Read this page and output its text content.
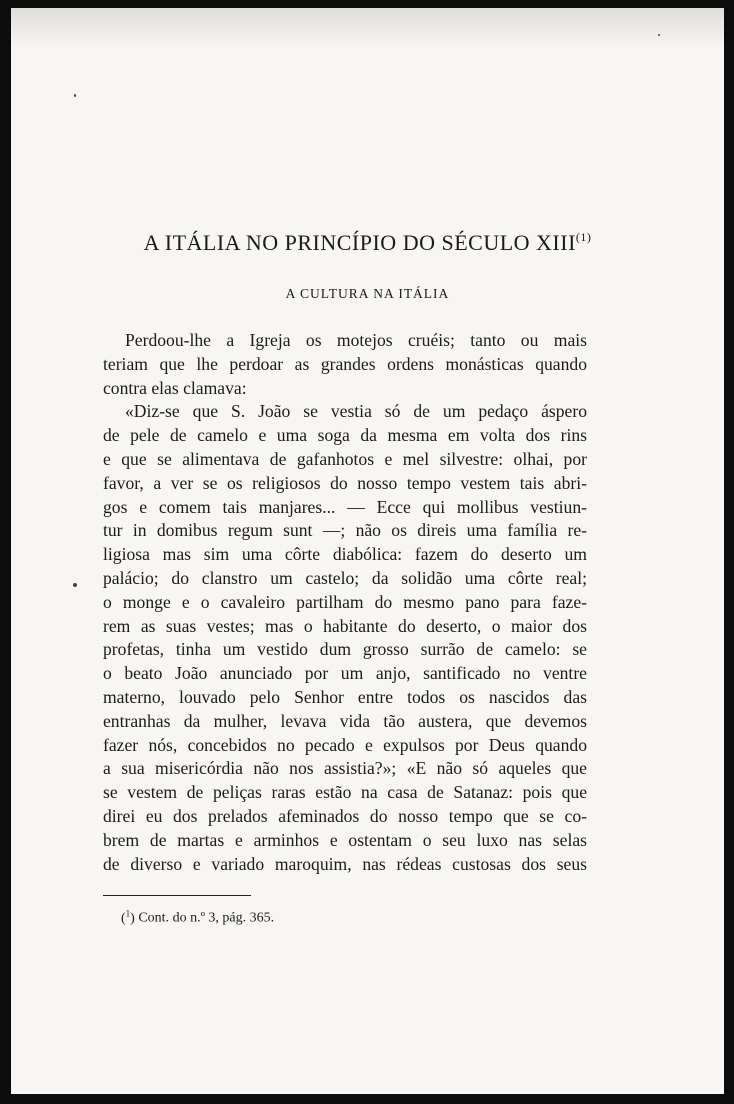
A ITÁLIA NO PRINCÍPIO DO SÉCULO XIII$^{(1)}$
A CULTURA NA ITÁLIA
Perdoou-lhe a Igreja os motejos cruéis; tanto ou mais
teriam que lhe perdoar as grandes ordens monásticas quando
contra elas clamava:
«Diz-se que S. João se vestia só de um pedaço áspero
de pele de camelo e uma soga da mesma em volta dos rins
e que se alimentava de gafanhotos e mel silvestre: olhai, por
favor, a ver se os religiosos do nosso tempo vestem tais abri-
gos e comem tais manjares... — Ecce qui mollibus vestiun-
tur in domibus regum sunt —; não os direis uma família re-
ligiosa mas sim uma côrte diabólica: fazem do deserto um
palácio; do clanstro um castelo; da solidão uma côrte real;
o monge e o cavaleiro partilham do mesmo pano para faze-
rem as suas vestes; mas o habitante do deserto, o maior dos
profetas, tinha um vestido dum grosso surrão de camelo: se
o beato João anunciado por um anjo, santificado no ventre
materno, louvado pelo Senhor entre todos os nascidos das
entranhas da mulher, levava vida tão austera, que devemos
fazer nós, concebidos no pecado e expulsos por Deus quando
a sua misericórdia não nos assistia?»; «E não só aqueles que
se vestem de peliças raras estão na casa de Satanaz: pois que
direi eu dos prelados afeminados do nosso tempo que se co-
brem de martas e arminhos e ostentam o seu luxo nas selas
de diverso e variado maroquim, nas rédeas custosas dos seus
($^1$) Cont. do n.º 3, pág. 365.
